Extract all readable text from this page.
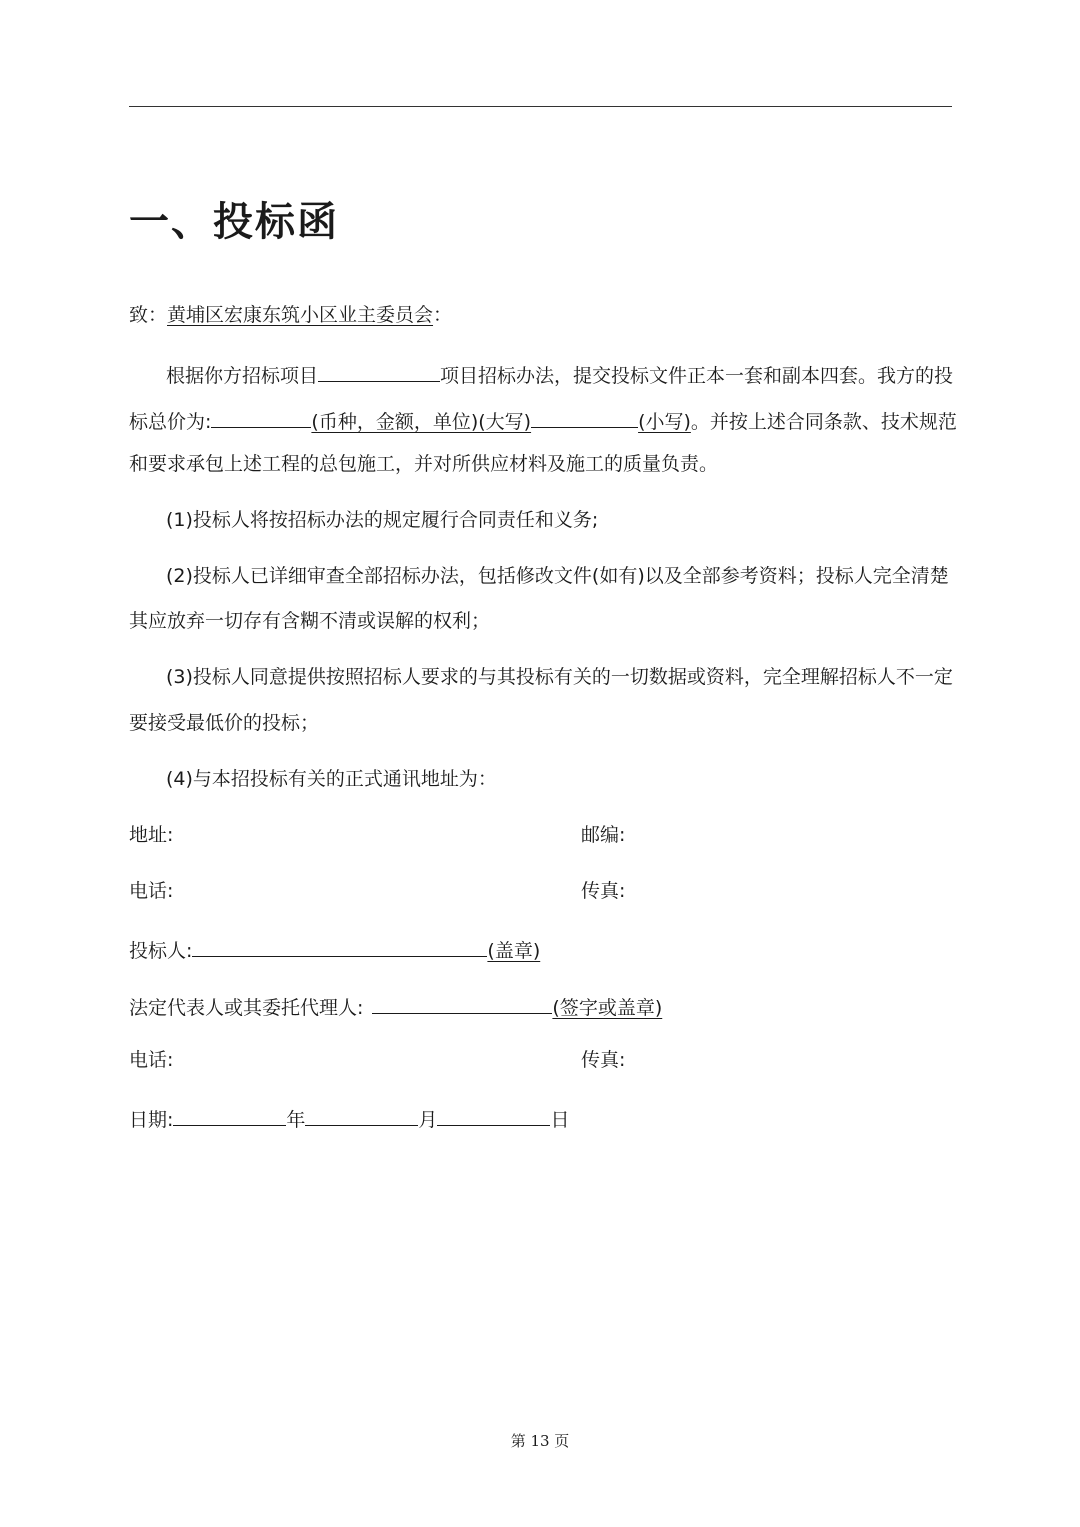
一、投标函
致：黄埔区宏康东筑小区业主委员会：
根据你方招标项目	项目招标办法，提交投标文件正本一套和副本四套。我方的投
标总价为:	(币种，金额，单位)(大写)	(小写)。并按上述合同条款、技术规范
和要求承包上述工程的总包施工，并对所供应材料及施工的质量负责。
(1)投标人将按招标办法的规定履行合同责任和义务;
(2)投标人已详细审查全部招标办法，包括修改文件(如有)以及全部参考资料；投标人完全清楚
其应放弃一切存有含糊不清或误解的权利；
(3)投标人同意提供按照招标人要求的与其投标有关的一切数据或资料，完全理解招标人不一定
要接受最低价的投标；
(4)与本招投标有关的正式通讯地址为：
地址:	邮编:
电话:	传真:
投标人:	(盖章)
法定代表人或其委托代理人:	(签字或盖章)
电话:	传真:
日期:	年	月	日
第 13 页
